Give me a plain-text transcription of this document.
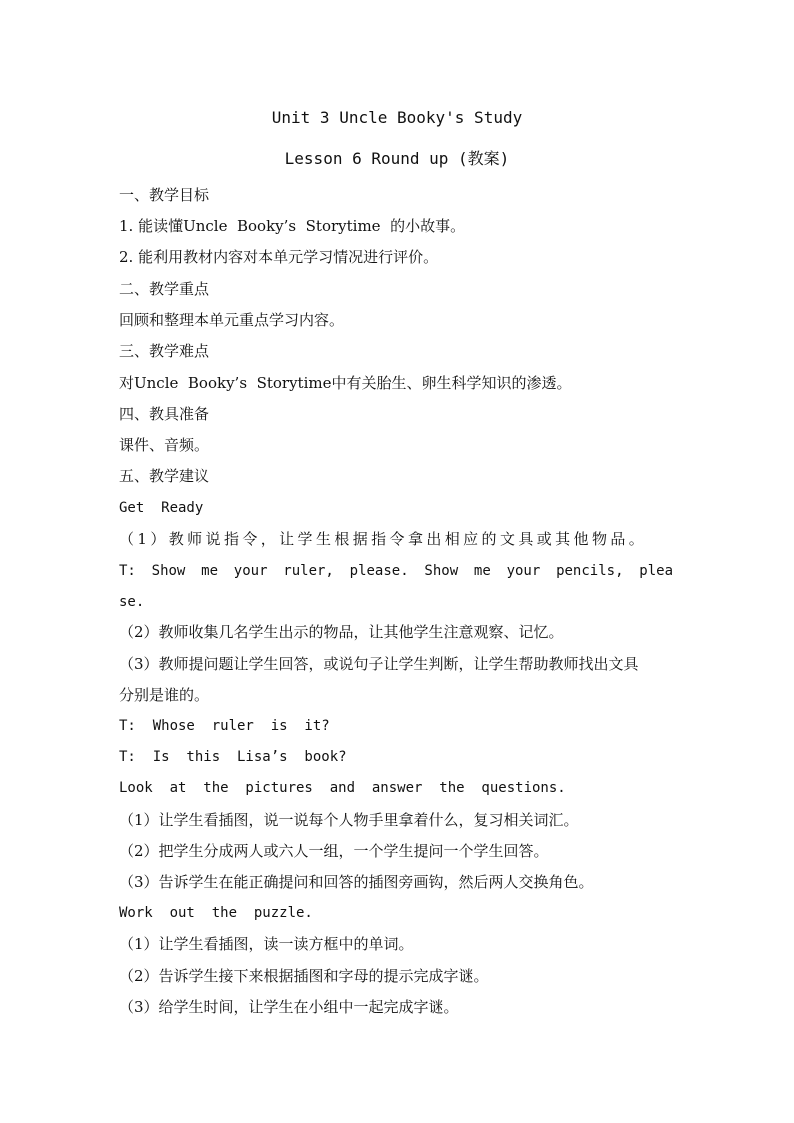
Unit 3 Uncle Booky's Study
Lesson 6 Round up (教案)
一、教学目标
1. 能读懂Uncle  Booky’s  Storytime  的小故事。
2. 能利用教材内容对本单元学习情况进行评价。
二、教学重点
回顾和整理本单元重点学习内容。
三、教学难点
对Uncle  Booky’s  Storytime中有关胎生、卵生科学知识的渗透。
四、教具准备
课件、音频。
五、教学建议
Get  Ready
（1）教师说指令，让学生根据指令拿出相应的文具或其他物品。
T: Show me your ruler, please. Show me your pencils, plea
se.
（2）教师收集几名学生出示的物品，让其他学生注意观察、记忆。
（3）教师提问题让学生回答，或说句子让学生判断，让学生帮助教师找出文具
分别是谁的。
T:  Whose  ruler  is  it?
T:  Is  this  Lisa’s  book?
Look  at  the  pictures  and  answer  the  questions.
（1）让学生看插图，说一说每个人物手里拿着什么，复习相关词汇。
（2）把学生分成两人或六人一组，一个学生提问一个学生回答。
（3）告诉学生在能正确提问和回答的插图旁画钩，然后两人交换角色。
Work  out  the  puzzle.
（1）让学生看插图，读一读方框中的单词。
（2）告诉学生接下来根据插图和字母的提示完成字谜。
（3）给学生时间，让学生在小组中一起完成字谜。
